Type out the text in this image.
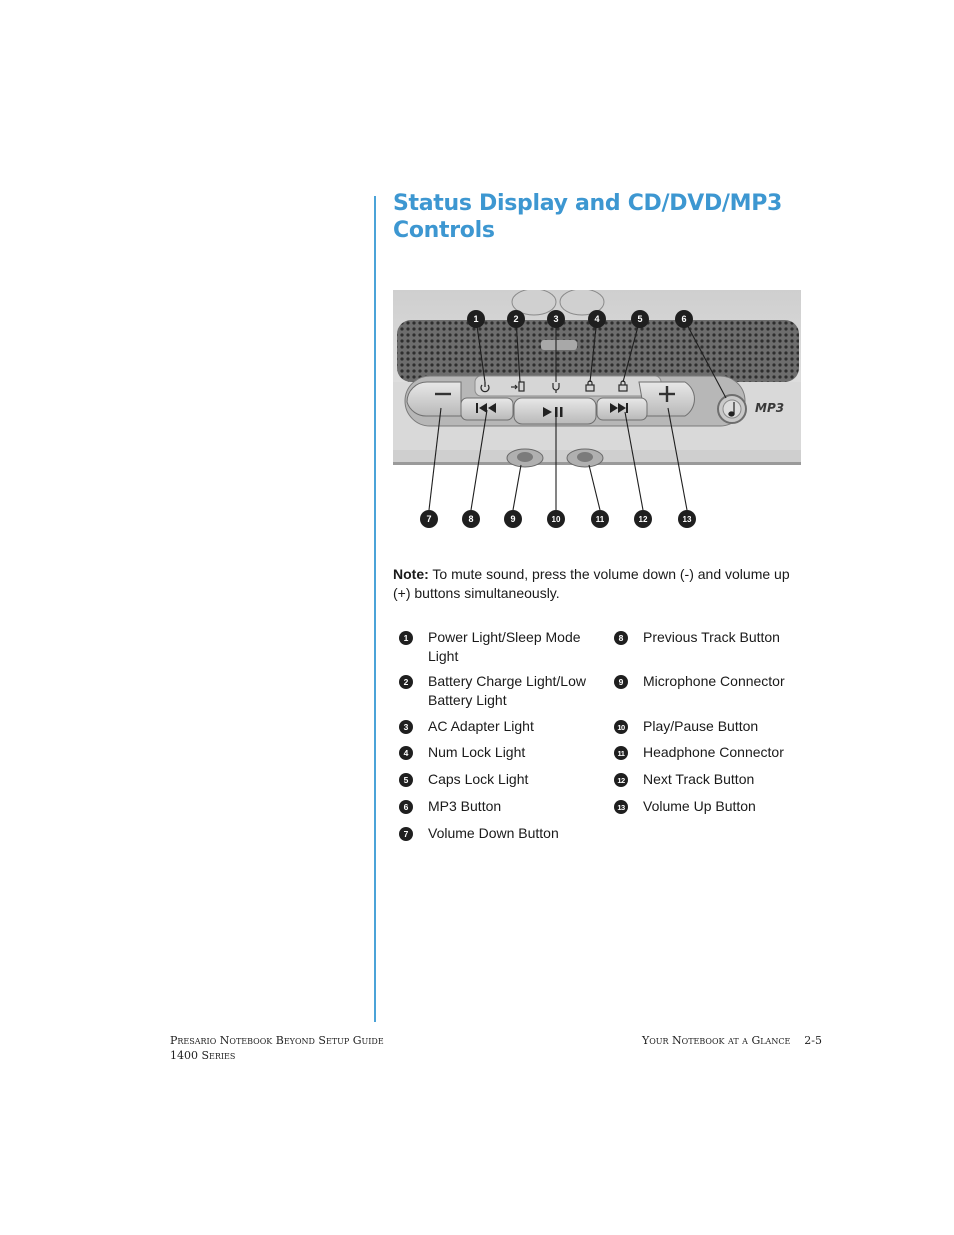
Status Display and CD/DVD/MP3 Controls
MP3
1	2	3	4	5	6
7	8	9	10	11	12	13

Note: To mute sound, press the volume down (-) and volume up (+) buttons simultaneously.

1	Power Light/Sleep Mode Light
2	Battery Charge Light/Low Battery Light
3	AC Adapter Light
4	Num Lock Light
5	Caps Lock Light
6	MP3 Button
7	Volume Down Button
8	Previous Track Button
9	Microphone Connector
10 Play/Pause Button
11 Headphone Connector
12 Next Track Button
13 Volume Up Button
Presario Notebook Beyond Setup Guide
1400 Series
Your Notebook at a Glance 2-5
